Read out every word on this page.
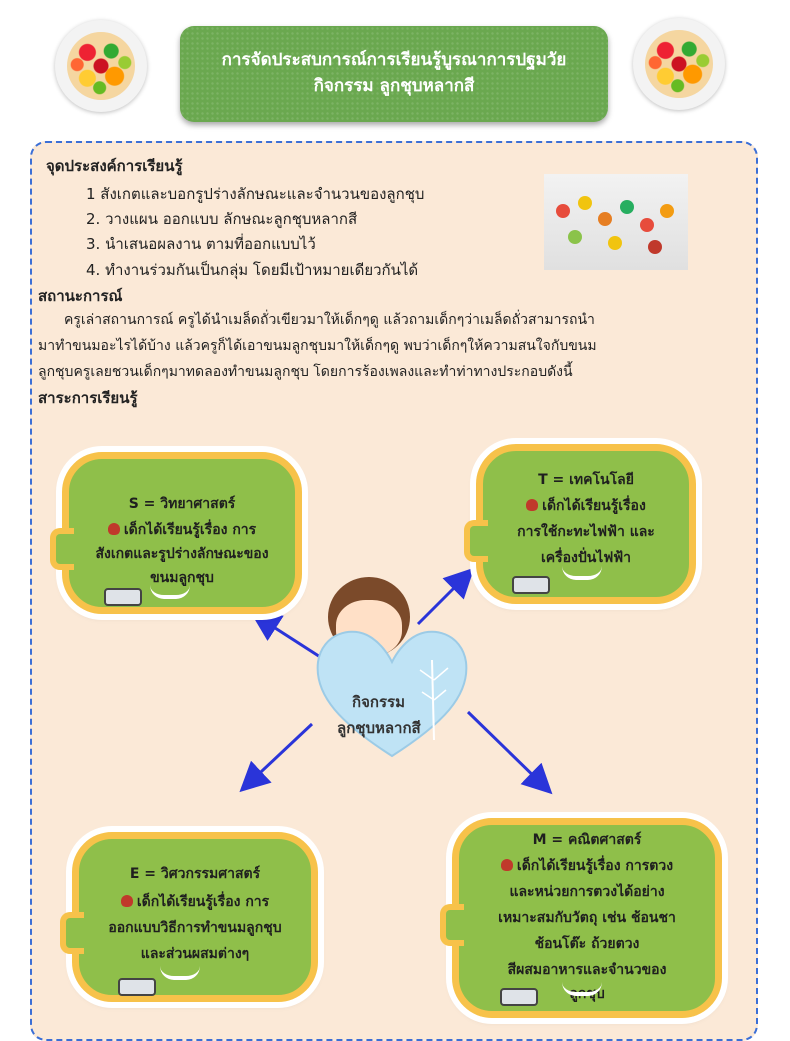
การจัดประสบการณ์การเรียนรู้บูรณาการปฐมวัย
กิจกรรม ลูกชุบหลากสี
จุดประสงค์การเรียนรู้
1 สังเกตและบอกรูปร่างลักษณะและจำนวนของลูกชุบ
2. วางแผน ออกแบบ ลักษณะลูกชุบหลากสี
3. นำเสนอผลงาน ตามที่ออกแบบไว้
4. ทำงานร่วมกันเป็นกลุ่ม โดยมีเป้าหมายเดียวกันได้
สถานะการณ์
ครูเล่าสถานการณ์ ครูได้นำเมล็ดถั่วเขียวมาให้เด็กๆดู แล้วถามเด็กๆว่าเมล็ดถั่วสามารถนำ
มาทำขนมอะไรได้บ้าง แล้วครูก็ได้เอาขนมลูกชุบมาให้เด็กๆดู พบว่าเด็กๆให้ความสนใจกับขนม
ลูกชุบครูเลยชวนเด็กๆมาทดลองทำขนมลูกชุบ โดยการร้องเพลงและทำท่าทางประกอบดังนี้
สาระการเรียนรู้
S = วิทยาศาสตร์
เด็กได้เรียนรู้เรื่อง การ
สังเกตและรูปร่างลักษณะของ
ขนมลูกชุบ
T = เทคโนโลยี
เด็กได้เรียนรู้เรื่อง
การใช้กะทะไฟฟ้า และ
เครื่องปั่นไฟฟ้า
กิจกรรม
ลูกชุบหลากสี
E = วิศวกรรมศาสตร์
เด็กได้เรียนรู้เรื่อง การ
ออกแบบวิธีการทำขนมลูกชุบ
และส่วนผสมต่างๆ
M = คณิตศาสตร์
เด็กได้เรียนรู้เรื่อง การตวง
และหน่วยการตวงได้อย่าง
เหมาะสมกับวัตถุ เช่น ช้อนชา
ช้อนโต๊ะ ถ้วยตวง
สีผสมอาหารและจำนวของ
ลูกชุบ
